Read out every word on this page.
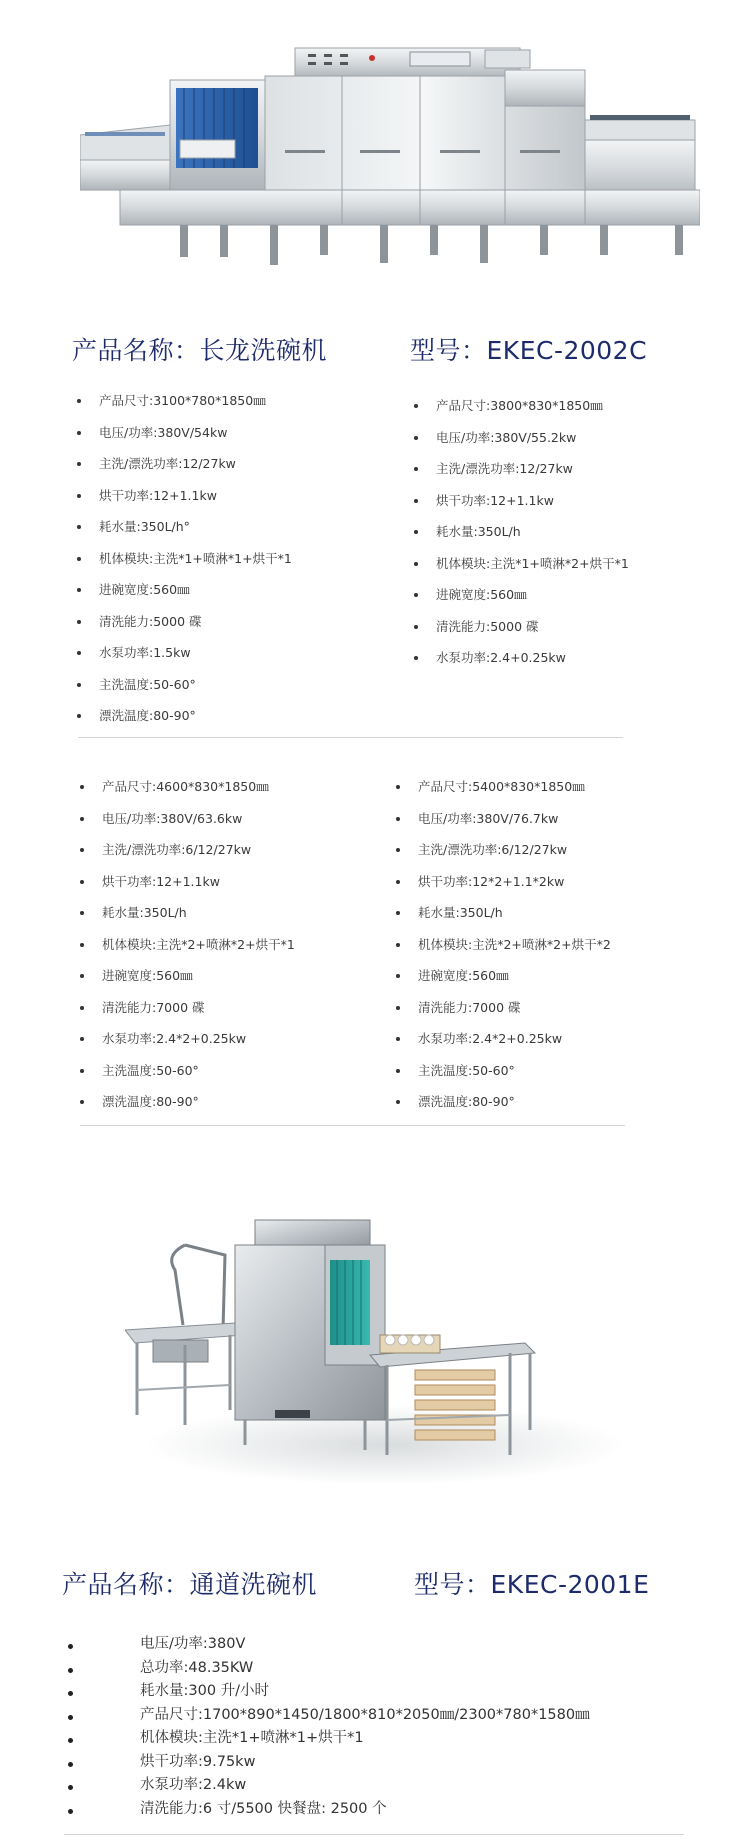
产品名称：长龙洗碗机	型号：EKEC-2002C
产品尺寸:3100*780*1850㎜
电压/功率:380V/54kw
主洗/漂洗功率:12/27kw
烘干功率:12+1.1kw
耗水量:350L/h°
机体模块:主洗*1+喷淋*1+烘干*1
进碗宽度:560㎜
清洗能力:5000 碟
水泵功率:1.5kw
主洗温度:50-60°
漂洗温度:80-90°
产品尺寸:3800*830*1850㎜
电压/功率:380V/55.2kw
主洗/漂洗功率:12/27kw
烘干功率:12+1.1kw
耗水量:350L/h
机体模块:主洗*1+喷淋*2+烘干*1
进碗宽度:560㎜
清洗能力:5000 碟
水泵功率:2.4+0.25kw
产品尺寸:4600*830*1850㎜
电压/功率:380V/63.6kw
主洗/漂洗功率:6/12/27kw
烘干功率:12+1.1kw
耗水量:350L/h
机体模块:主洗*2+喷淋*2+烘干*1
进碗宽度:560㎜
清洗能力:7000 碟
水泵功率:2.4*2+0.25kw
主洗温度:50-60°
漂洗温度:80-90°
产品尺寸:5400*830*1850㎜
电压/功率:380V/76.7kw
主洗/漂洗功率:6/12/27kw
烘干功率:12*2+1.1*2kw
耗水量:350L/h
机体模块:主洗*2+喷淋*2+烘干*2
进碗宽度:560㎜
清洗能力:7000 碟
水泵功率:2.4*2+0.25kw
主洗温度:50-60°
漂洗温度:80-90°
产品名称：通道洗碗机	型号：EKEC-2001E
电压/功率:380V
总功率:48.35KW
耗水量:300 升/小时
产品尺寸:1700*890*1450/1800*810*2050㎜/2300*780*1580㎜
机体模块:主洗*1+喷淋*1+烘干*1
烘干功率:9.75kw
水泵功率:2.4kw
清洗能力:6 寸/5500 快餐盘: 2500 个
